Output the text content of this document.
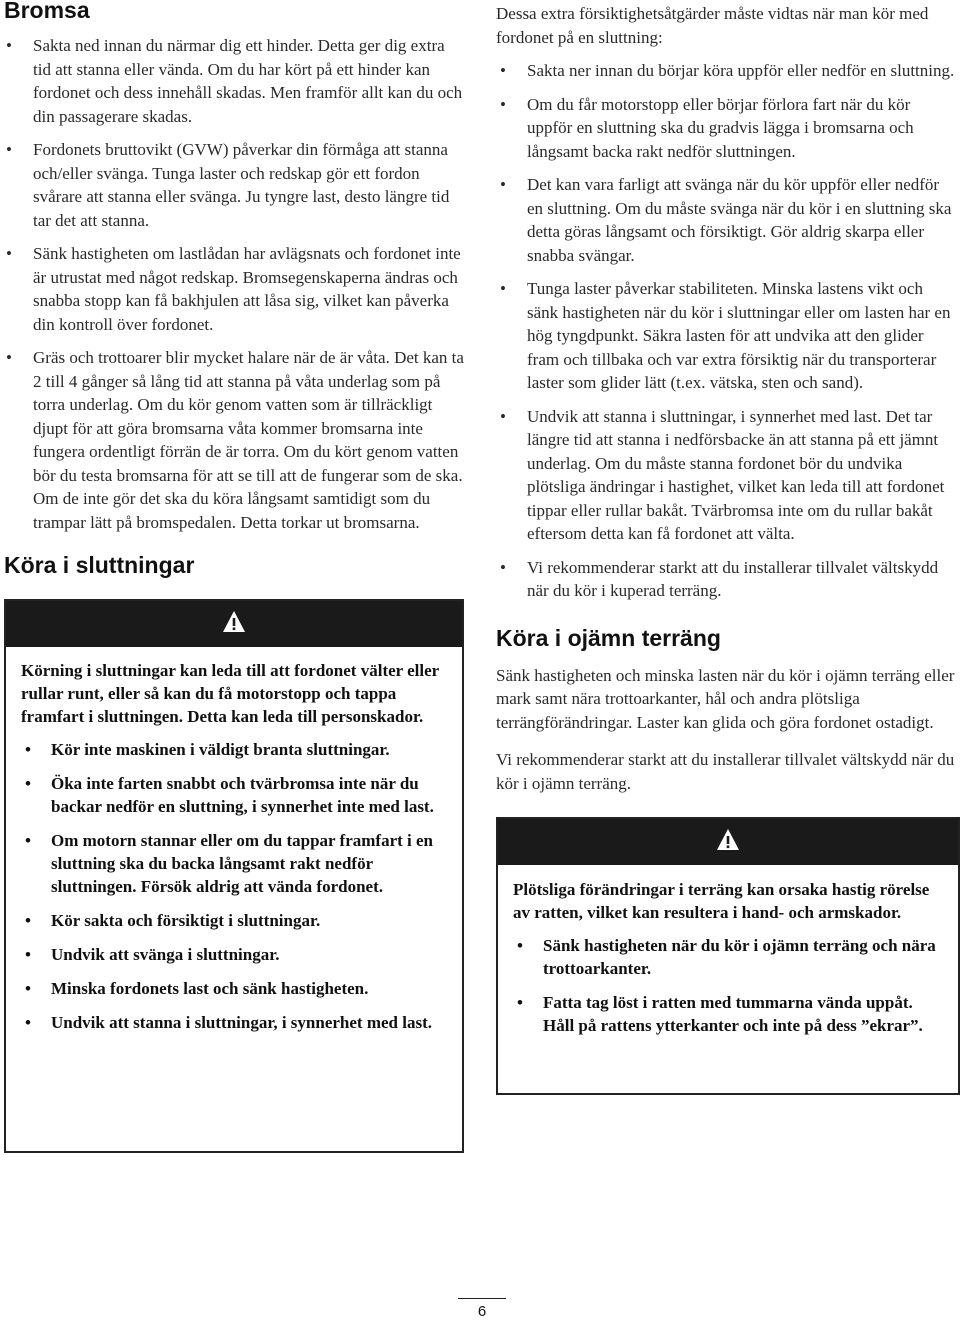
Bromsa
• Sakta ned innan du närmar dig ett hinder. Detta ger dig extra tid att stanna eller vända. Om du har kört på ett hinder kan fordonet och dess innehåll skadas. Men framför allt kan du och din passagerare skadas.
• Fordonets bruttovikt (GVW) påverkar din förmåga att stanna och/eller svänga. Tunga laster och redskap gör ett fordon svårare att stanna eller svänga. Ju tyngre last, desto längre tid tar det att stanna.
• Sänk hastigheten om lastlådan har avlägsnats och fordonet inte är utrustat med något redskap. Bromsegenskaperna ändras och snabba stopp kan få bakhjulen att låsa sig, vilket kan påverka din kontroll över fordonet.
• Gräs och trottoarer blir mycket halare när de är våta. Det kan ta 2 till 4 gånger så lång tid att stanna på våta underlag som på torra underlag. Om du kör genom vatten som är tillräckligt djupt för att göra bromsarna våta kommer bromsarna inte fungera ordentligt förrän de är torra. Om du kört genom vatten bör du testa bromsarna för att se till att de fungerar som de ska. Om de inte gör det ska du köra långsamt samtidigt som du trampar lätt på bromspedalen. Detta torkar ut bromsarna.
Köra i sluttningar

Körning i sluttningar kan leda till att fordonet välter eller rullar runt, eller så kan du få motorstopp och tappa framfart i sluttningen. Detta kan leda till personskador.

• Kör inte maskinen i väldigt branta sluttningar.
• Öka inte farten snabbt och tvärbromsa inte när du backar nedför en sluttning, i synnerhet inte med last.
• Om motorn stannar eller om du tappar framfart i en sluttning ska du backa långsamt rakt nedför sluttningen. Försök aldrig att vända fordonet.
• Kör sakta och försiktigt i sluttningar.
• Undvik att svänga i sluttningar.
• Minska fordonets last och sänk hastigheten.
• Undvik att stanna i sluttningar, i synnerhet med last.

Dessa extra försiktighetsåtgärder måste vidtas när man kör med fordonet på en sluttning:

• Sakta ner innan du börjar köra uppför eller nedför en sluttning.
• Om du får motorstopp eller börjar förlora fart när du kör uppför en sluttning ska du gradvis lägga i bromsarna och långsamt backa rakt nedför sluttningen.
• Det kan vara farligt att svänga när du kör uppför eller nedför en sluttning. Om du måste svänga när du kör i en sluttning ska detta göras långsamt och försiktigt. Gör aldrig skarpa eller snabba svängar.
• Tunga laster påverkar stabiliteten. Minska lastens vikt och sänk hastigheten när du kör i sluttningar eller om lasten har en hög tyngdpunkt. Säkra lasten för att undvika att den glider fram och tillbaka och var extra försiktig när du transporterar laster som glider lätt (t.ex. vätska, sten och sand).
• Undvik att stanna i sluttningar, i synnerhet med last. Det tar längre tid att stanna i nedförsbacke än att stanna på ett jämnt underlag. Om du måste stanna fordonet bör du undvika plötsliga ändringar i hastighet, vilket kan leda till att fordonet tippar eller rullar bakåt. Tvärbromsa inte om du rullar bakåt eftersom detta kan få fordonet att välta.
• Vi rekommenderar starkt att du installerar tillvalet vältskydd när du kör i kuperad terräng.
Köra i ojämn terräng

Sänk hastigheten och minska lasten när du kör i ojämn terräng eller mark samt nära trottoarkanter, hål och andra plötsliga terrängförändringar. Laster kan glida och göra fordonet ostadigt.

Vi rekommenderar starkt att du installerar tillvalet vältskydd när du kör i ojämn terräng.

Plötsliga förändringar i terräng kan orsaka hastig rörelse av ratten, vilket kan resultera i hand- och armskador.

• Sänk hastigheten när du kör i ojämn terräng och nära trottoarkanter.
• Fatta tag löst i ratten med tummarna vända uppåt. Håll på rattens ytterkanter och inte på dess ”ekrar”.
6
